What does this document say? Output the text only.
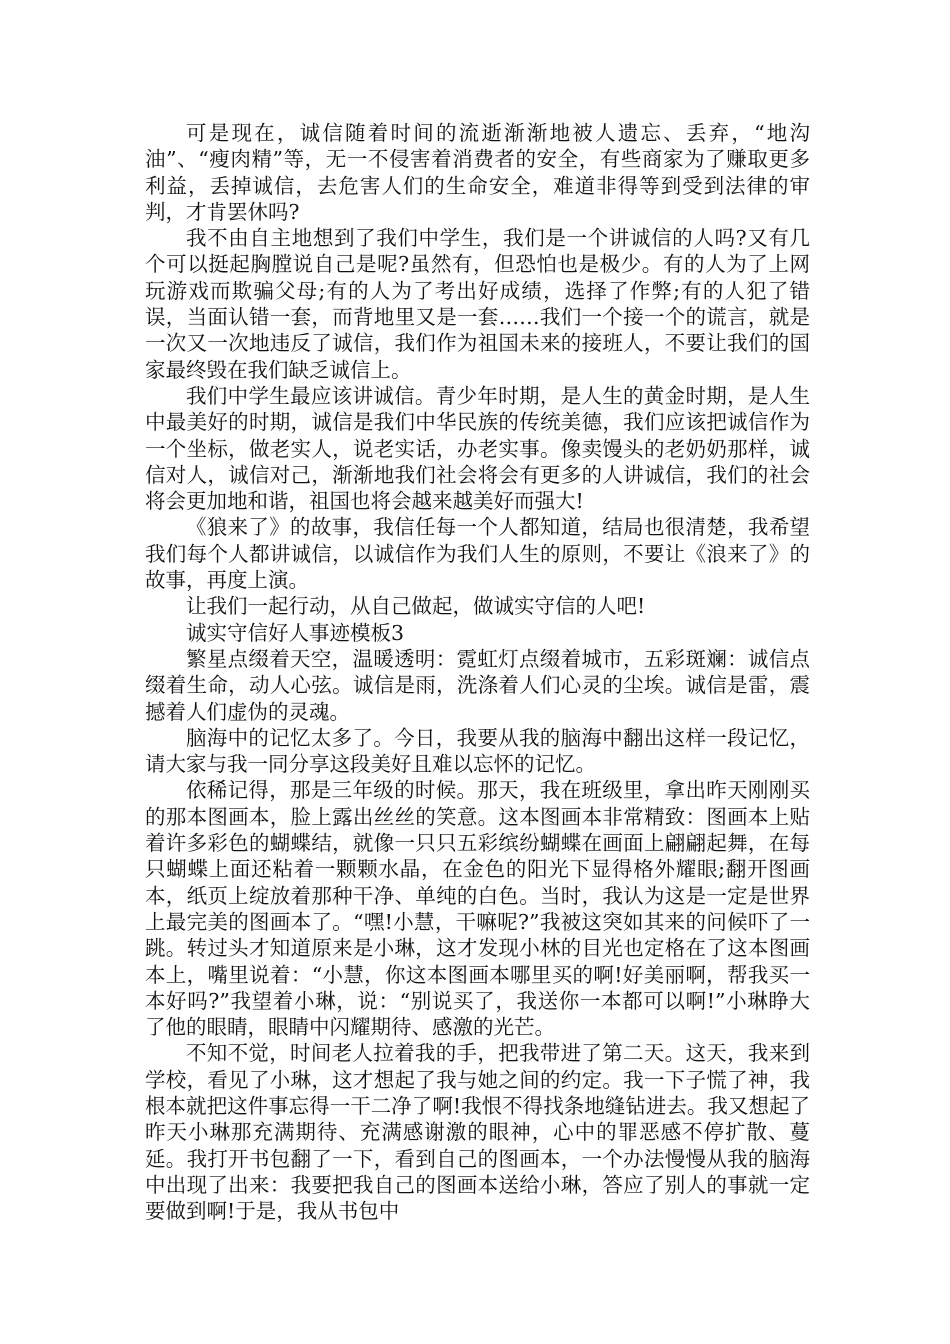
可是现在，诚信随着时间的流逝渐渐地被人遗忘、丢弃，“地沟油”、“瘦肉精”等，无一不侵害着消费者的安全，有些商家为了赚取更多利益，丢掉诚信，去危害人们的生命安全，难道非得等到受到法律的审判，才肯罢休吗?

我不由自主地想到了我们中学生，我们是一个讲诚信的人吗?又有几个可以挺起胸膛说自己是呢?虽然有，但恐怕也是极少。有的人为了上网玩游戏而欺骗父母;有的人为了考出好成绩，选择了作弊;有的人犯了错误，当面认错一套，而背地里又是一套……我们一个接一个的谎言，就是一次又一次地违反了诚信，我们作为祖国未来的接班人，不要让我们的国家最终毁在我们缺乏诚信上。

我们中学生最应该讲诚信。青少年时期，是人生的黄金时期，是人生中最美好的时期，诚信是我们中华民族的传统美德，我们应该把诚信作为一个坐标，做老实人，说老实话，办老实事。像卖馒头的老奶奶那样，诚信对人，诚信对己，渐渐地我们社会将会有更多的人讲诚信，我们的社会将会更加地和谐，祖国也将会越来越美好而强大!

《狼来了》的故事，我信任每一个人都知道，结局也很清楚，我希望我们每个人都讲诚信，以诚信作为我们人生的原则，不要让《浪来了》的故事，再度上演。

让我们一起行动，从自己做起，做诚实守信的人吧!

诚实守信好人事迹模板3

繁星点缀着天空，温暖透明：霓虹灯点缀着城市，五彩斑斓：诚信点缀着生命，动人心弦。诚信是雨，洗涤着人们心灵的尘埃。诚信是雷，震撼着人们虚伪的灵魂。

脑海中的记忆太多了。今日，我要从我的脑海中翻出这样一段记忆，请大家与我一同分享这段美好且难以忘怀的记忆。

依稀记得，那是三年级的时候。那天，我在班级里，拿出昨天刚刚买的那本图画本，脸上露出丝丝的笑意。这本图画本非常精致：图画本上贴着许多彩色的蝴蝶结，就像一只只五彩缤纷蝴蝶在画面上翩翩起舞，在每只蝴蝶上面还粘着一颗颗水晶，在金色的阳光下显得格外耀眼;翻开图画本，纸页上绽放着那种干净、单纯的白色。当时，我认为这是一定是世界上最完美的图画本了。“嘿!小慧，干嘛呢?”我被这突如其来的问候吓了一跳。转过头才知道原来是小琳，这才发现小林的目光也定格在了这本图画本上，嘴里说着：“小慧，你这本图画本哪里买的啊!好美丽啊，帮我买一本好吗?”我望着小琳，说：“别说买了，我送你一本都可以啊!”小琳睁大了他的眼睛，眼睛中闪耀期待、感激的光芒。

不知不觉，时间老人拉着我的手，把我带进了第二天。这天，我来到学校，看见了小琳，这才想起了我与她之间的约定。我一下子慌了神，我根本就把这件事忘得一干二净了啊!我恨不得找条地缝钻进去。我又想起了昨天小琳那充满期待、充满感谢激的眼神，心中的罪恶感不停扩散、蔓延。我打开书包翻了一下，看到自己的图画本，一个办法慢慢从我的脑海中出现了出来：我要把我自己的图画本送给小琳，答应了别人的事就一定要做到啊!于是，我从书包中
